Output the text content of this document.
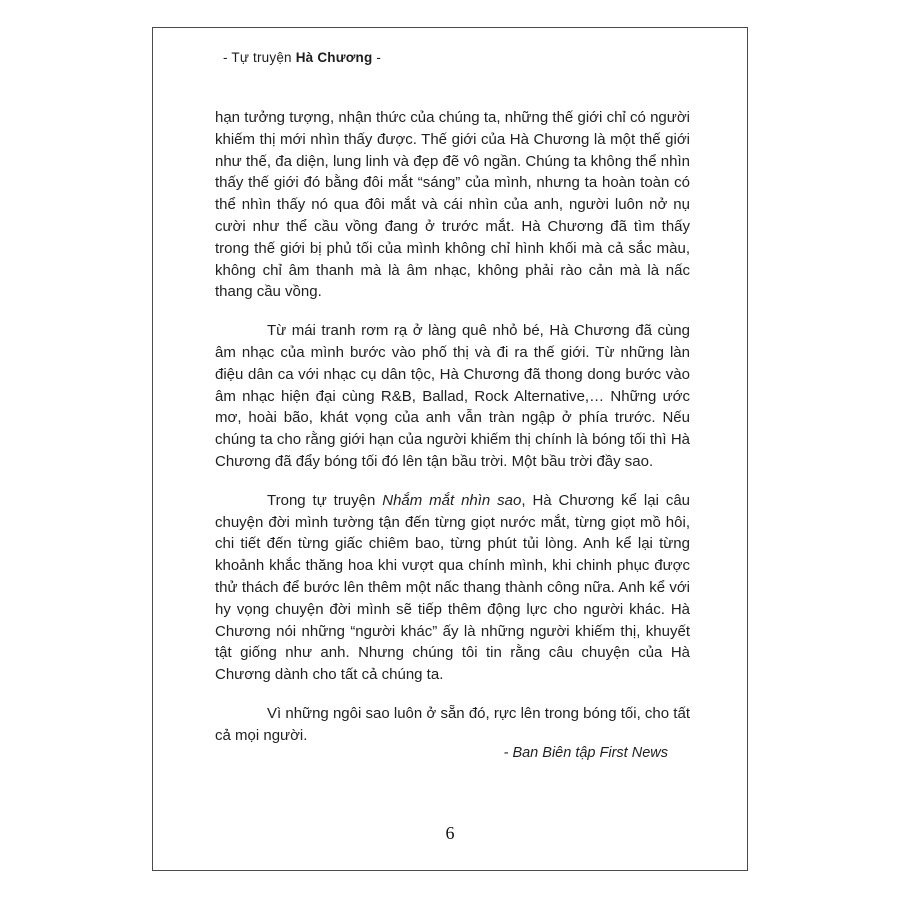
- Tự truyện Hà Chương -

hạn tưởng tượng, nhận thức của chúng ta, những thế giới chỉ có người khiếm thị mới nhìn thấy được. Thế giới của Hà Chương là một thế giới như thế, đa diện, lung linh và đẹp đẽ vô ngần. Chúng ta không thể nhìn thấy thế giới đó bằng đôi mắt “sáng” của mình, nhưng ta hoàn toàn có thể nhìn thấy nó qua đôi mắt và cái nhìn của anh, người luôn nở nụ cười như thể cầu vồng đang ở trước mắt. Hà Chương đã tìm thấy trong thế giới bị phủ tối của mình không chỉ hình khối mà cả sắc màu, không chỉ âm thanh mà là âm nhạc, không phải rào cản mà là nấc thang cầu vồng.

Từ mái tranh rơm rạ ở làng quê nhỏ bé, Hà Chương đã cùng âm nhạc của mình bước vào phố thị và đi ra thế giới. Từ những làn điệu dân ca với nhạc cụ dân tộc, Hà Chương đã thong dong bước vào âm nhạc hiện đại cùng R&B, Ballad, Rock Alternative,… Những ước mơ, hoài bão, khát vọng của anh vẫn tràn ngập ở phía trước. Nếu chúng ta cho rằng giới hạn của người khiếm thị chính là bóng tối thì Hà Chương đã đẩy bóng tối đó lên tận bầu trời. Một bầu trời đầy sao.

Trong tự truyện Nhắm mắt nhìn sao, Hà Chương kể lại câu chuyện đời mình tường tận đến từng giọt nước mắt, từng giọt mồ hôi, chi tiết đến từng giấc chiêm bao, từng phút tủi lòng. Anh kể lại từng khoảnh khắc thăng hoa khi vượt qua chính mình, khi chinh phục được thử thách để bước lên thêm một nấc thang thành công nữa. Anh kể với hy vọng chuyện đời mình sẽ tiếp thêm động lực cho người khác. Hà Chương nói những “người khác” ấy là những người khiếm thị, khuyết tật giống như anh. Nhưng chúng tôi tin rằng câu chuyện của Hà Chương dành cho tất cả chúng ta.

Vì những ngôi sao luôn ở sẵn đó, rực lên trong bóng tối, cho tất cả mọi người.

- Ban Biên tập First News
6
